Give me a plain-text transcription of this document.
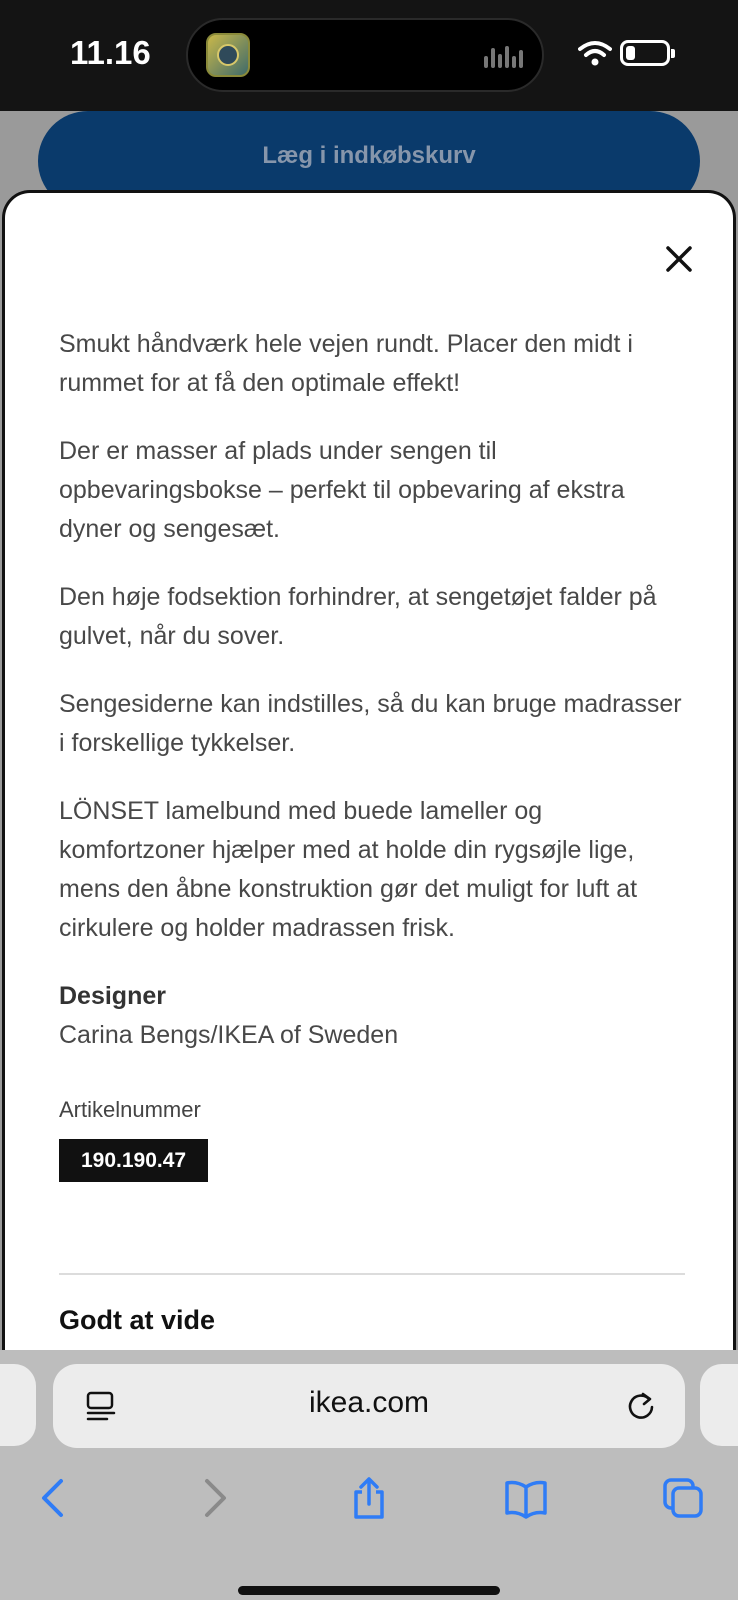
11.16
Læg i indkøbskurv

Smukt håndværk hele vejen rundt. Placer den midt i rummet for at få den optimale effekt!

Der er masser af plads under sengen til opbevaringsbokse – perfekt til opbevaring af ekstra dyner og sengesæt.

Den høje fodsektion forhindrer, at sengetøjet falder på gulvet, når du sover.

Sengesiderne kan indstilles, så du kan bruge madrasser i forskellige tykkelser.

LÖNSET lamelbund med buede lameller og komfortzoner hjælper med at holde din rygsøjle lige, mens den åbne konstruktion gør det muligt for luft at cirkulere og holder madrassen frisk.

Designer
Carina Bengs/IKEA of Sweden
Artikelnummer
190.190.47
Godt at vide
ikea.com
